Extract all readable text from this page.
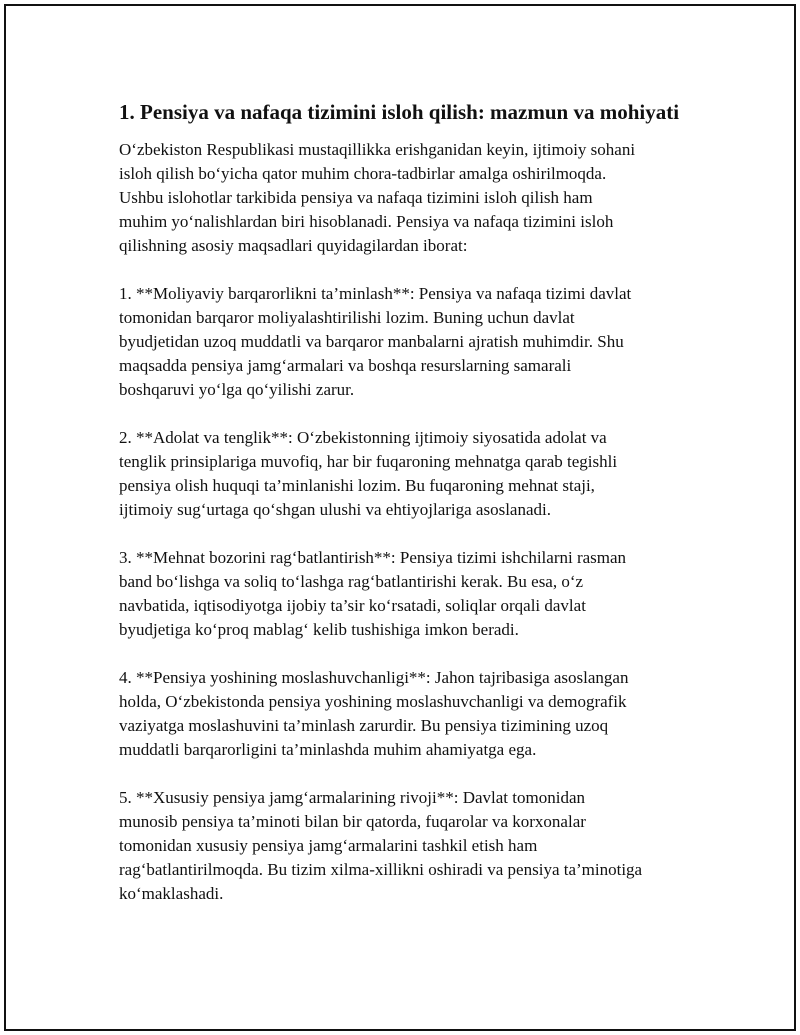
1. Pensiya va nafaqa tizimini isloh qilish: mazmun va mohiyati

O‘zbekiston Respublikasi mustaqillikka erishganidan keyin, ijtimoiy sohani
isloh qilish bo‘yicha qator muhim chora-tadbirlar amalga oshirilmoqda.
Ushbu islohotlar tarkibida pensiya va nafaqa tizimini isloh qilish ham
muhim yo‘nalishlardan biri hisoblanadi. Pensiya va nafaqa tizimini isloh
qilishning asosiy maqsadlari quyidagilardan iborat:

1. **Moliyaviy barqarorlikni ta’minlash**: Pensiya va nafaqa tizimi davlat
tomonidan barqaror moliyalashtirilishi lozim. Buning uchun davlat
byudjetidan uzoq muddatli va barqaror manbalarni ajratish muhimdir. Shu
maqsadda pensiya jamg‘armalari va boshqa resurslarning samarali
boshqaruvi yo‘lga qo‘yilishi zarur.

2. **Adolat va tenglik**: O‘zbekistonning ijtimoiy siyosatida adolat va
tenglik prinsiplariga muvofiq, har bir fuqaroning mehnatga qarab tegishli
pensiya olish huquqi ta’minlanishi lozim. Bu fuqaroning mehnat staji,
ijtimoiy sug‘urtaga qo‘shgan ulushi va ehtiyojlariga asoslanadi.

3. **Mehnat bozorini rag‘batlantirish**: Pensiya tizimi ishchilarni rasman
band bo‘lishga va soliq to‘lashga rag‘batlantirishi kerak. Bu esa, o‘z
navbatida, iqtisodiyotga ijobiy ta’sir ko‘rsatadi, soliqlar orqali davlat
byudjetiga ko‘proq mablag‘ kelib tushishiga imkon beradi.

4. **Pensiya yoshining moslashuvchanligi**: Jahon tajribasiga asoslangan
holda, O‘zbekistonda pensiya yoshining moslashuvchanligi va demografik
vaziyatga moslashuvini ta’minlash zarurdir. Bu pensiya tizimining uzoq
muddatli barqarorligini ta’minlashda muhim ahamiyatga ega.

5. **Xususiy pensiya jamg‘armalarining rivoji**: Davlat tomonidan
munosib pensiya ta’minoti bilan bir qatorda, fuqarolar va korxonalar
tomonidan xususiy pensiya jamg‘armalarini tashkil etish ham
rag‘batlantirilmoqda. Bu tizim xilma-xillikni oshiradi va pensiya ta’minotiga
ko‘maklashadi.
